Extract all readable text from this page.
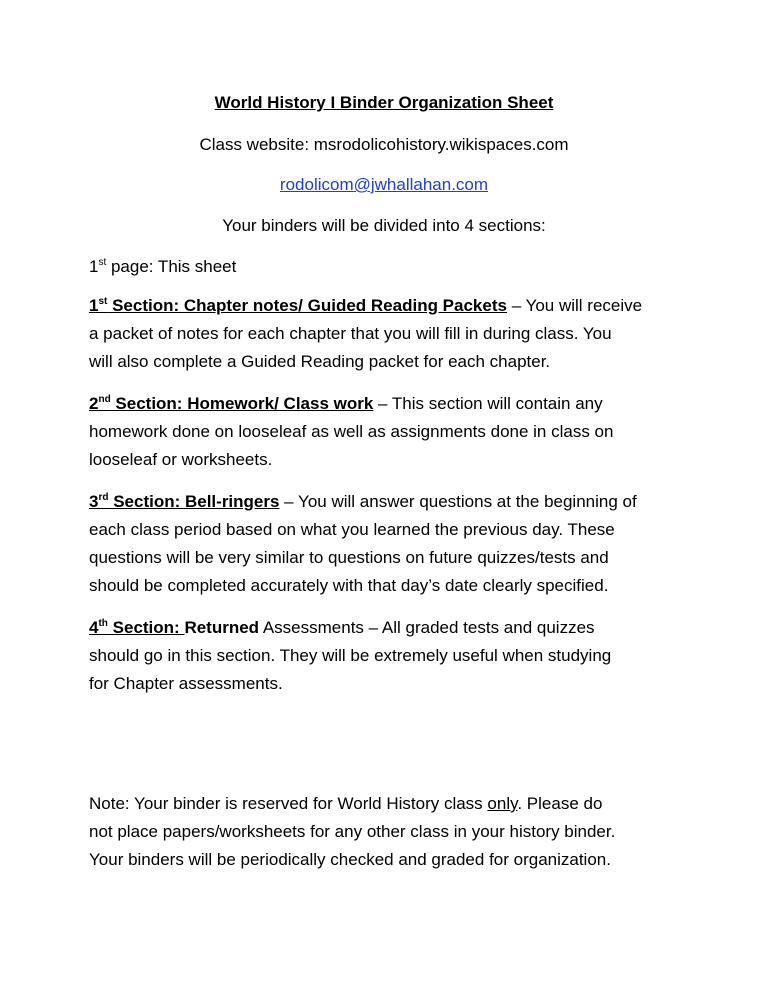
World History I Binder Organization Sheet
Class website: msrodolicohistory.wikispaces.com
rodolicom@jwhallahan.com
Your binders will be divided into 4 sections:
1st page: This sheet
1st Section: Chapter notes/ Guided Reading Packets – You will receive
a packet of notes for each chapter that you will fill in during class. You
will also complete a Guided Reading packet for each chapter.
2nd Section: Homework/ Class work – This section will contain any
homework done on looseleaf as well as assignments done in class on
looseleaf or worksheets.
3rd Section: Bell-ringers – You will answer questions at the beginning of
each class period based on what you learned the previous day. These
questions will be very similar to questions on future quizzes/tests and
should be completed accurately with that day’s date clearly specified.
4th Section: Returned Assessments – All graded tests and quizzes
should go in this section. They will be extremely useful when studying
for Chapter assessments.
Note: Your binder is reserved for World History class only. Please do
not place papers/worksheets for any other class in your history binder.
Your binders will be periodically checked and graded for organization.
